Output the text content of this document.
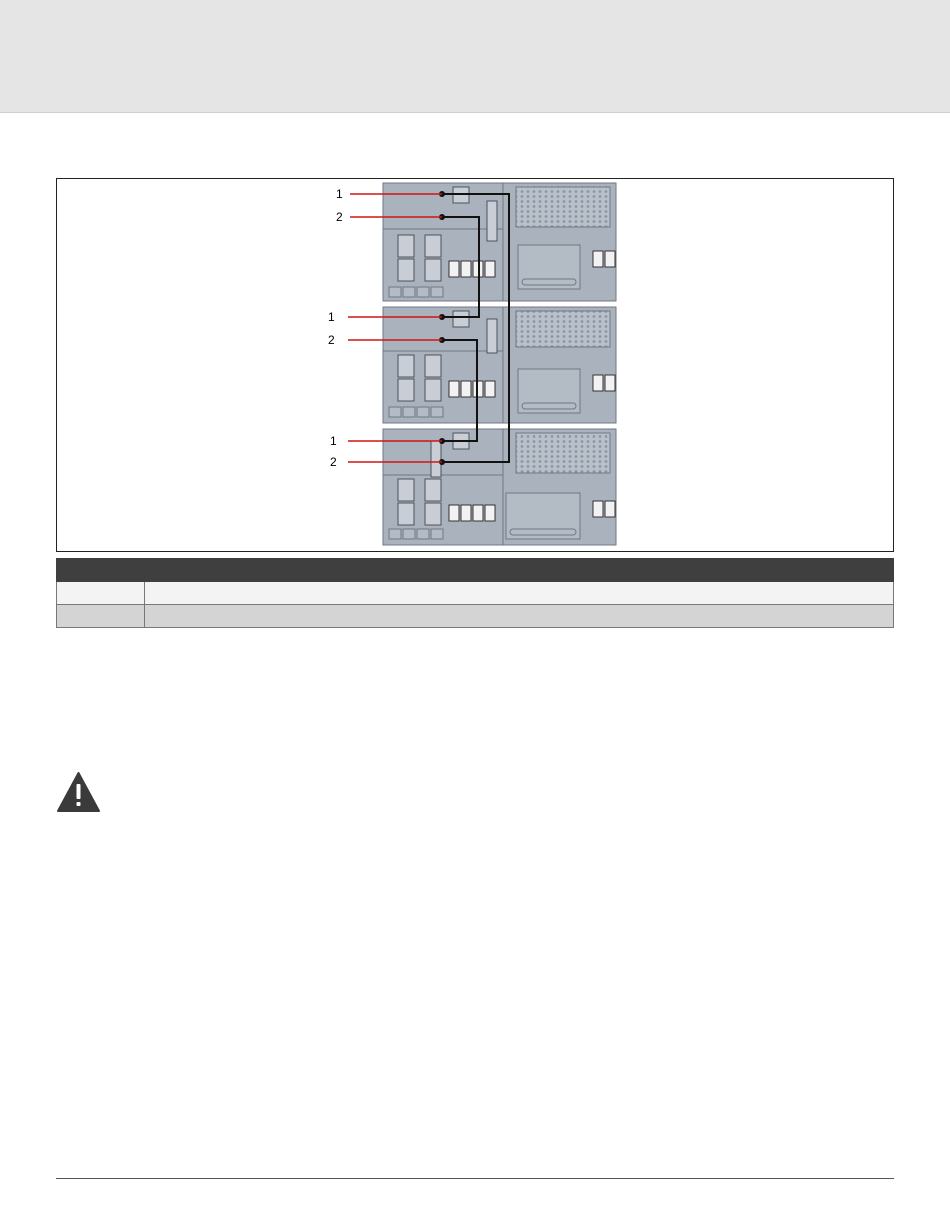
1
2
1
2
1
2
